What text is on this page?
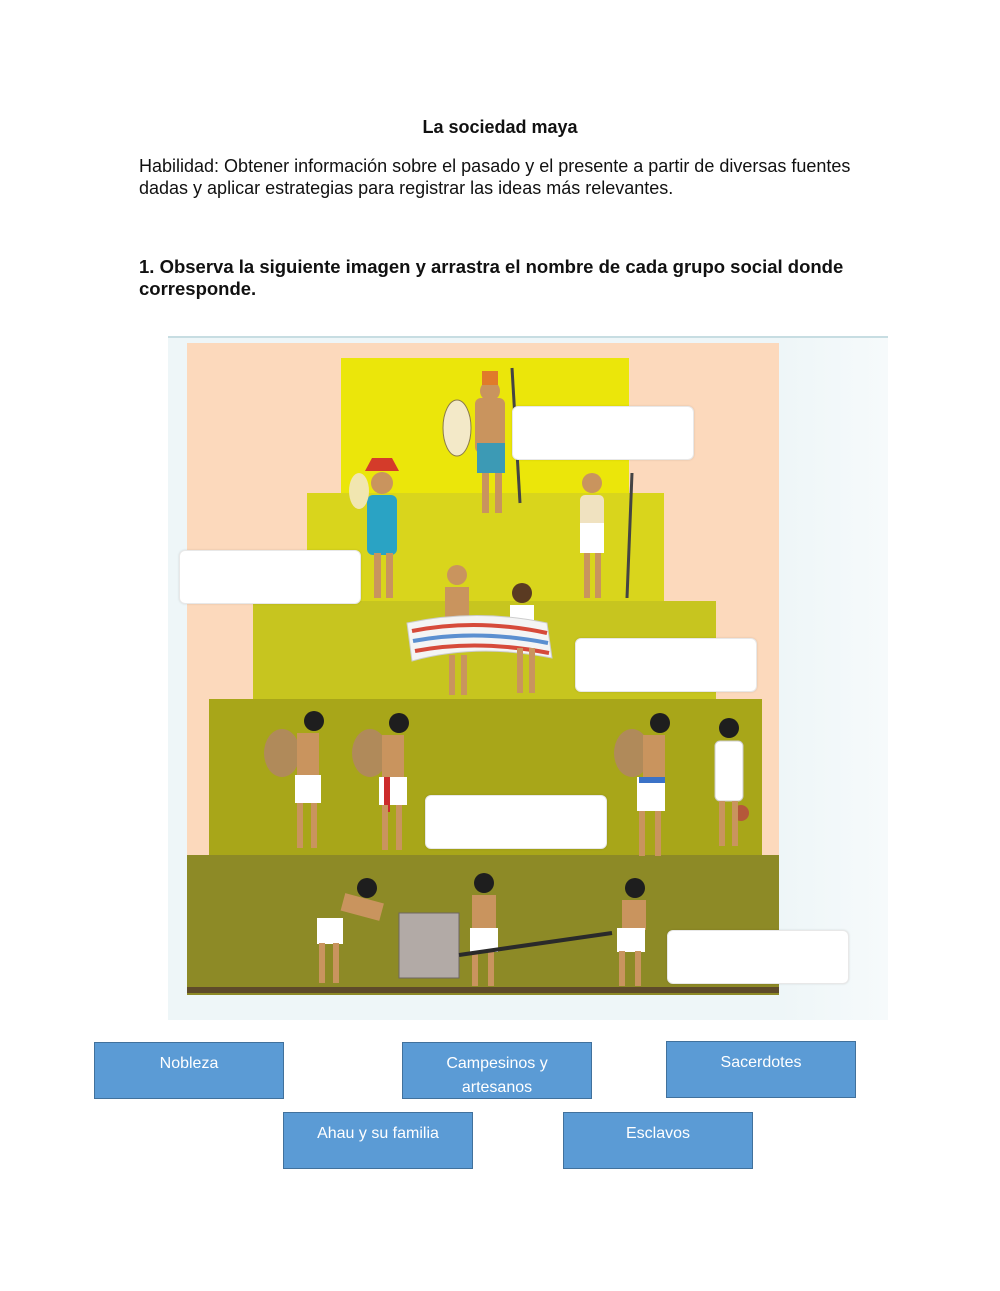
La sociedad maya
Habilidad: Obtener información sobre el pasado y el presente a partir de diversas fuentes dadas y aplicar estrategias para registrar las ideas más relevantes.
1. Observa la siguiente imagen y arrastra el nombre de cada grupo social donde corresponde.
Nobleza	Campesinos y artesanos
Sacerdotes
Ahau y su familia	Esclavos
